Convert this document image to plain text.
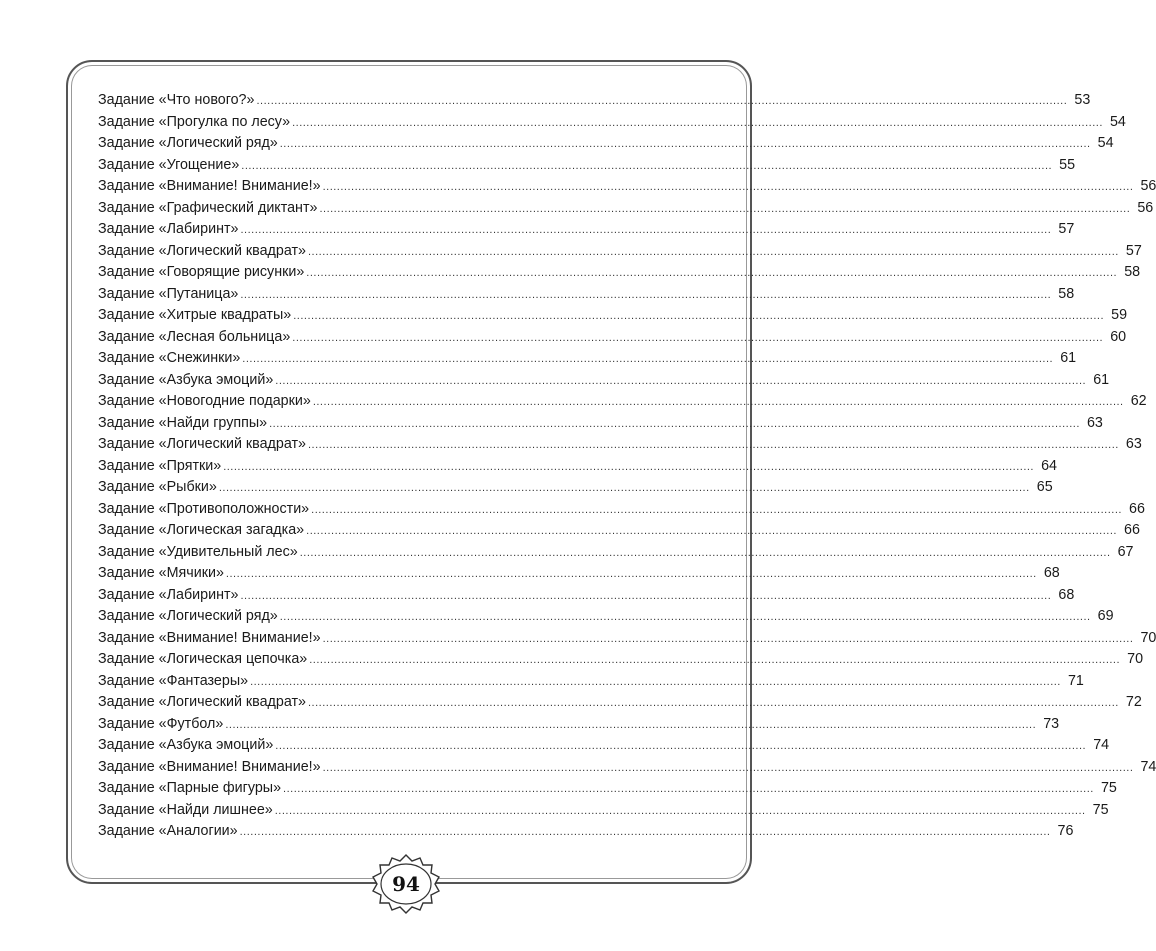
Задание «Что нового?» .................................................................................................................................................................................................................................... 53
Задание «Прогулка по лесу» .................................................................................................................................................................................................................................... 54
Задание «Логический ряд» .................................................................................................................................................................................................................................... 54
Задание «Угощение» .................................................................................................................................................................................................................................... 55
Задание «Внимание! Внимание!» .................................................................................................................................................................................................................................... 56
Задание «Графический диктант» .................................................................................................................................................................................................................................... 56
Задание «Лабиринт» .................................................................................................................................................................................................................................... 57
Задание «Логический квадрат» .................................................................................................................................................................................................................................... 57
Задание «Говорящие рисунки» .................................................................................................................................................................................................................................... 58
Задание «Путаница» .................................................................................................................................................................................................................................... 58
Задание «Хитрые квадраты» .................................................................................................................................................................................................................................... 59
Задание «Лесная больница» .................................................................................................................................................................................................................................... 60
Задание «Снежинки» .................................................................................................................................................................................................................................... 61
Задание «Азбука эмоций» .................................................................................................................................................................................................................................... 61
Задание «Новогодние подарки» .................................................................................................................................................................................................................................... 62
Задание «Найди группы» .................................................................................................................................................................................................................................... 63
Задание «Логический квадрат» .................................................................................................................................................................................................................................... 63
Задание «Прятки» .................................................................................................................................................................................................................................... 64
Задание «Рыбки» .................................................................................................................................................................................................................................... 65
Задание «Противоположности» .................................................................................................................................................................................................................................... 66
Задание «Логическая загадка» .................................................................................................................................................................................................................................... 66
Задание «Удивительный лес» .................................................................................................................................................................................................................................... 67
Задание «Мячики» .................................................................................................................................................................................................................................... 68
Задание «Лабиринт» .................................................................................................................................................................................................................................... 68
Задание «Логический ряд» .................................................................................................................................................................................................................................... 69
Задание «Внимание! Внимание!» .................................................................................................................................................................................................................................... 70
Задание «Логическая цепочка» .................................................................................................................................................................................................................................... 70
Задание «Фантазеры» .................................................................................................................................................................................................................................... 71
Задание «Логический квадрат» .................................................................................................................................................................................................................................... 72
Задание «Футбол» .................................................................................................................................................................................................................................... 73
Задание «Азбука эмоций» .................................................................................................................................................................................................................................... 74
Задание «Внимание! Внимание!» .................................................................................................................................................................................................................................... 74
Задание «Парные фигуры» .................................................................................................................................................................................................................................... 75
Задание «Найди лишнее» .................................................................................................................................................................................................................................... 75
Задание «Аналогии» .................................................................................................................................................................................................................................... 76
94
